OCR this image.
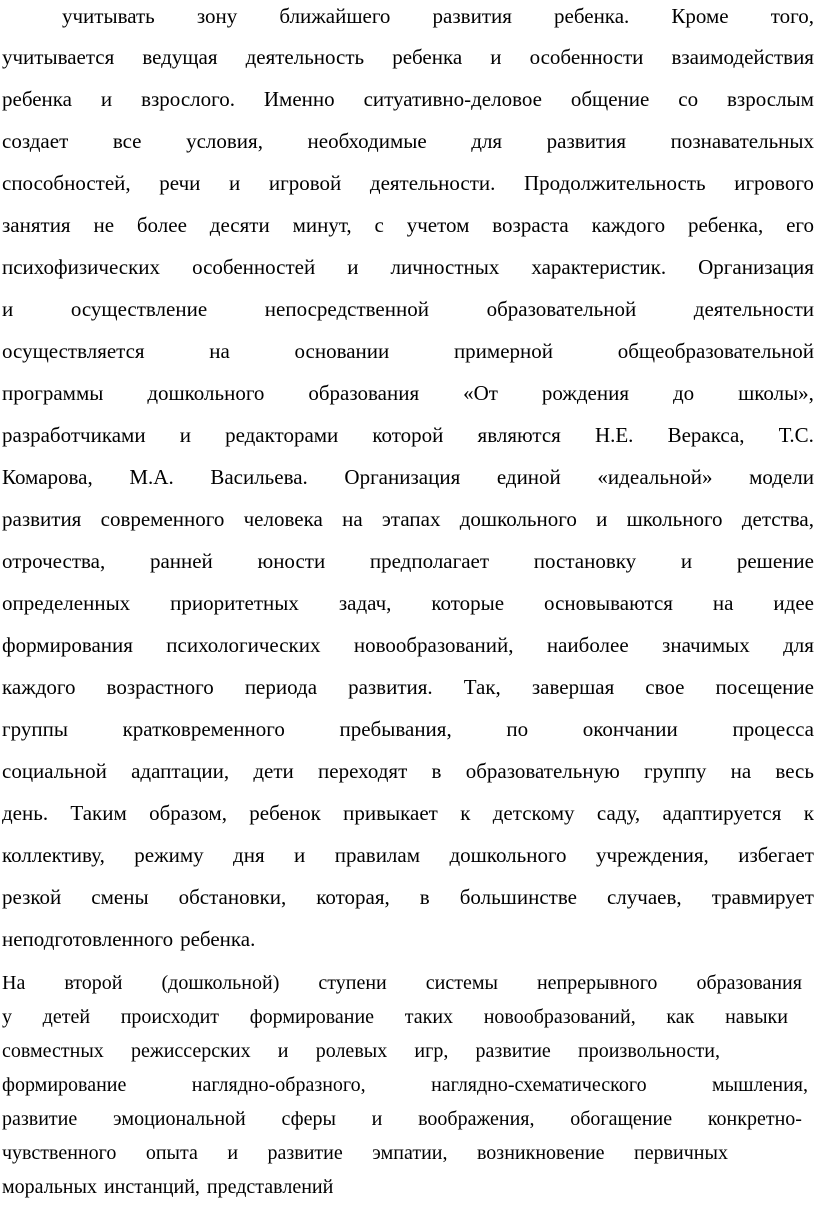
учитывать зону ближайшего развития ребенка. Кроме того,
учитывается ведущая деятельность ребенка и особенности взаимодействия
ребенка и взрослого. Именно ситуативно-деловое общение со взрослым
создает все условия, необходимые для развития познавательных
способностей, речи и игровой деятельности. Продолжительность игрового
занятия не более десяти минут, с учетом возраста каждого ребенка, его
психофизических особенностей и личностных характеристик. Организация
и	осуществление	непосредственной	образовательной	деятельности
осуществляется	на	основании	примерной	общеобразовательной
программы дошкольного образования «От рождения до школы»,
разработчиками и редакторами которой являются Н.Е. Веракса, Т.С.
Комарова, М.А. Васильева. Организация единой «идеальной» модели
развития современного человека на этапах дошкольного и школьного детства,
отрочества, ранней юности предполагает постановку и решение
определенных приоритетных задач, которые основываются на идее
формирования психологических новообразований, наиболее значимых для
каждого возрастного периода развития. Так, завершая свое посещение
группы	кратковременного	пребывания,	по	окончании	процесса
социальной адаптации, дети переходят в образовательную группу на весь
день. Таким образом, ребенок привыкает к детскому саду, адаптируется к
коллективу, режиму дня и правилам дошкольного учреждения, избегает
резкой смены обстановки, которая, в большинстве случаев, травмирует
неподготовленного ребенка.
На второй (дошкольной) ступени системы непрерывного образования
у детей происходит формирование таких новообразований, как навыки
совместных режиссерских и ролевых игр, развитие произвольности,
формирование	наглядно-образного,	наглядно-схематического	мышления,
развитие эмоциональной сферы и воображения, обогащение конкретно-
чувственного опыта и развитие эмпатии, возникновение первичных
моральных инстанций, представлений
